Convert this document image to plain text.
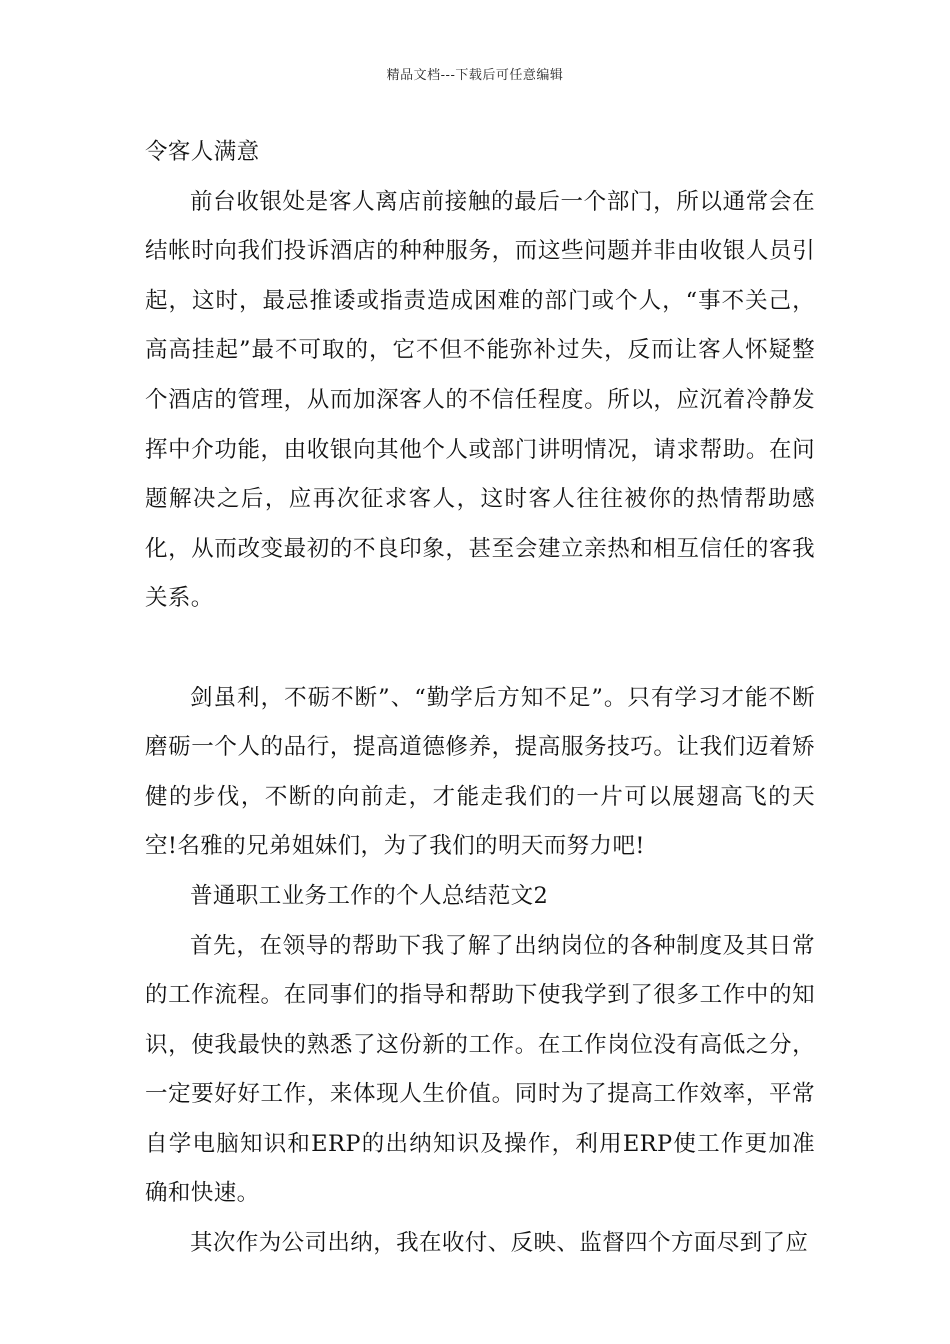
精品文档---下载后可任意编辑

令客人满意

前台收银处是客人离店前接触的最后一个部门，所以通常会在结帐时向我们投诉酒店的种种服务，而这些问题并非由收银人员引起，这时，最忌推诿或指责造成困难的部门或个人，“事不关己，高高挂起”最不可取的，它不但不能弥补过失，反而让客人怀疑整个酒店的管理，从而加深客人的不信任程度。所以，应沉着冷静发挥中介功能，由收银向其他个人或部门讲明情况，请求帮助。在问题解决之后，应再次征求客人，这时客人往往被你的热情帮助感化，从而改变最初的不良印象，甚至会建立亲热和相互信任的客我关系。

剑虽利，不砺不断”、“勤学后方知不足”。只有学习才能不断磨砺一个人的品行，提高道德修养，提高服务技巧。让我们迈着矫健的步伐，不断的向前走，才能走我们的一片可以展翅高飞的天空!名雅的兄弟姐妹们，为了我们的明天而努力吧!

普通职工业务工作的个人总结范文2

首先，在领导的帮助下我了解了出纳岗位的各种制度及其日常的工作流程。在同事们的指导和帮助下使我学到了很多工作中的知识，使我最快的熟悉了这份新的工作。在工作岗位没有高低之分，一定要好好工作，来体现人生价值。同时为了提高工作效率，平常自学电脑知识和ERP的出纳知识及操作，利用ERP使工作更加准确和快速。

其次作为公司出纳，我在收付、反映、监督四个方面尽到了应
